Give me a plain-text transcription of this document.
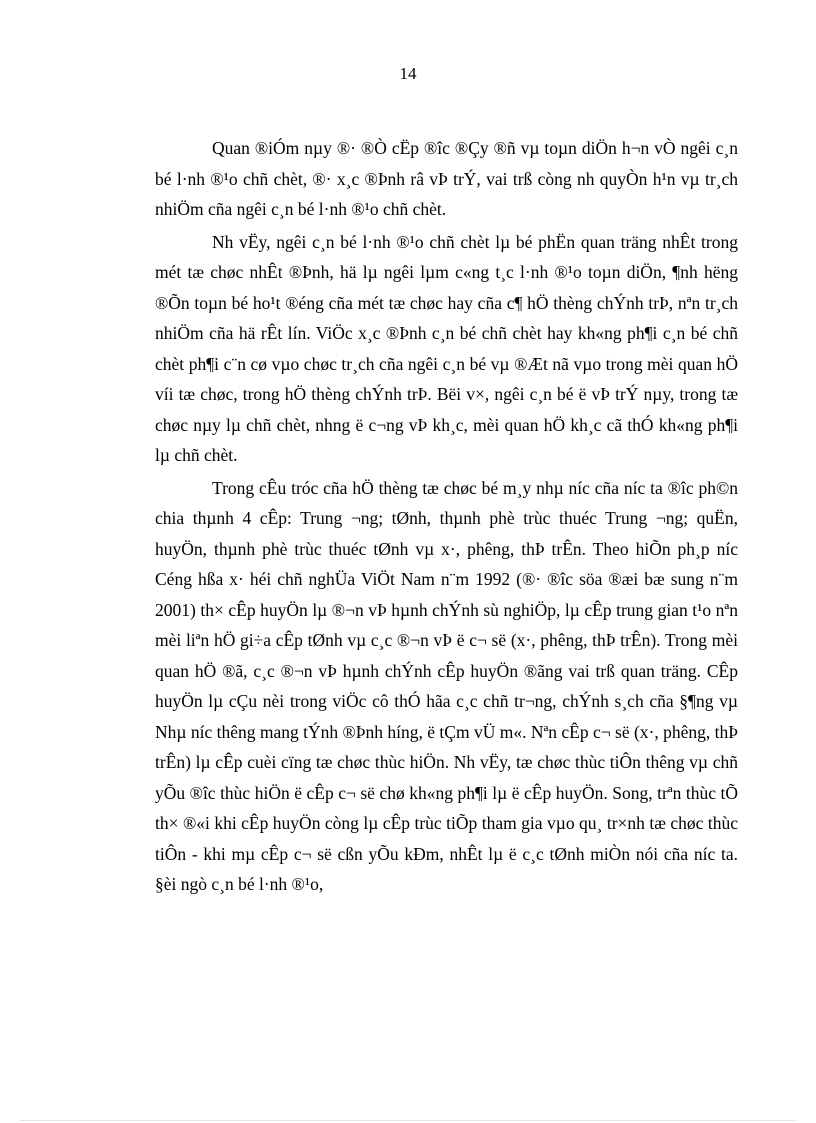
14

Quan ®iÓm nµy ®· ®Ò cËp ®îc ®Çy ®ñ vµ toµn diÖn h¬n vÒ ngêi c¸n bé l·nh ®¹o chñ chèt, ®· x¸c ®Þnh râ vÞ trÝ, vai trß còng nh quyÒn h¹n vµ tr¸ch nhiÖm cña ngêi c¸n bé l·nh ®¹o chñ chèt.

Nh vËy, ngêi c¸n bé l·nh ®¹o chñ chèt lµ bé phËn quan träng nhÊt trong mét tæ chøc nhÊt ®Þnh, hä lµ ngêi lµm c«ng t¸c l·nh ®¹o toµn diÖn, ¶nh hëng ®Õn toµn bé ho¹t ®éng cña mét tæ chøc hay cña c¶ hÖ thèng chÝnh trÞ, nªn tr¸ch nhiÖm cña hä rÊt lín. ViÖc x¸c ®Þnh c¸n bé chñ chèt hay kh«ng ph¶i c¸n bé chñ chèt ph¶i c¨n cø vµo chøc tr¸ch cña ngêi c¸n bé vµ ®Æt nã vµo trong mèi quan hÖ víi tæ chøc, trong hÖ thèng chÝnh trÞ. Bëi v×, ngêi c¸n bé ë vÞ trÝ nµy, trong tæ chøc nµy lµ chñ chèt, nhng ë c¬ng vÞ kh¸c, mèi quan hÖ kh¸c cã thÓ kh«ng ph¶i lµ chñ chèt.

Trong cÊu tróc cña hÖ thèng tæ chøc bé m¸y nhµ níc cña níc ta ®îc ph©n chia thµnh 4 cÊp: Trung ¬ng; tØnh, thµnh phè trùc thuéc Trung ¬ng; quËn, huyÖn, thµnh phè trùc thuéc tØnh vµ x·, phêng, thÞ trÊn. Theo hiÕn ph¸p níc Céng hßa x· héi chñ nghÜa ViÖt Nam n¨m 1992 (®· ®îc söa ®æi bæ sung n¨m 2001) th× cÊp huyÖn lµ ®¬n vÞ hµnh chÝnh sù nghiÖp, lµ cÊp trung gian t¹o nªn mèi liªn hÖ gi÷a cÊp tØnh vµ c¸c ®¬n vÞ ë c¬ së (x·, phêng, thÞ trÊn). Trong mèi quan hÖ ®ã, c¸c ®¬n vÞ hµnh chÝnh cÊp huyÖn ®ãng vai trß quan träng. CÊp huyÖn lµ cÇu nèi trong viÖc cô thÓ hãa c¸c chñ tr¬ng, chÝnh s¸ch cña §¶ng vµ Nhµ níc thêng mang tÝnh ®Þnh híng, ë tÇm vÜ m«. Nªn cÊp c¬ së (x·, phêng, thÞ trÊn) lµ cÊp cuèi cïng tæ chøc thùc hiÖn. Nh vËy, tæ chøc thùc tiÔn thêng vµ chñ yÕu ®îc thùc hiÖn ë cÊp c¬ së chø kh«ng ph¶i lµ ë cÊp huyÖn. Song, trªn thùc tÕ th× ®«i khi cÊp huyÖn còng lµ cÊp trùc tiÕp tham gia vµo qu¸ tr×nh tæ chøc thùc tiÔn - khi mµ cÊp c¬ së cßn yÕu kÐm, nhÊt lµ ë c¸c tØnh miÒn nói cña níc ta. §èi ngò c¸n bé l·nh ®¹o,
